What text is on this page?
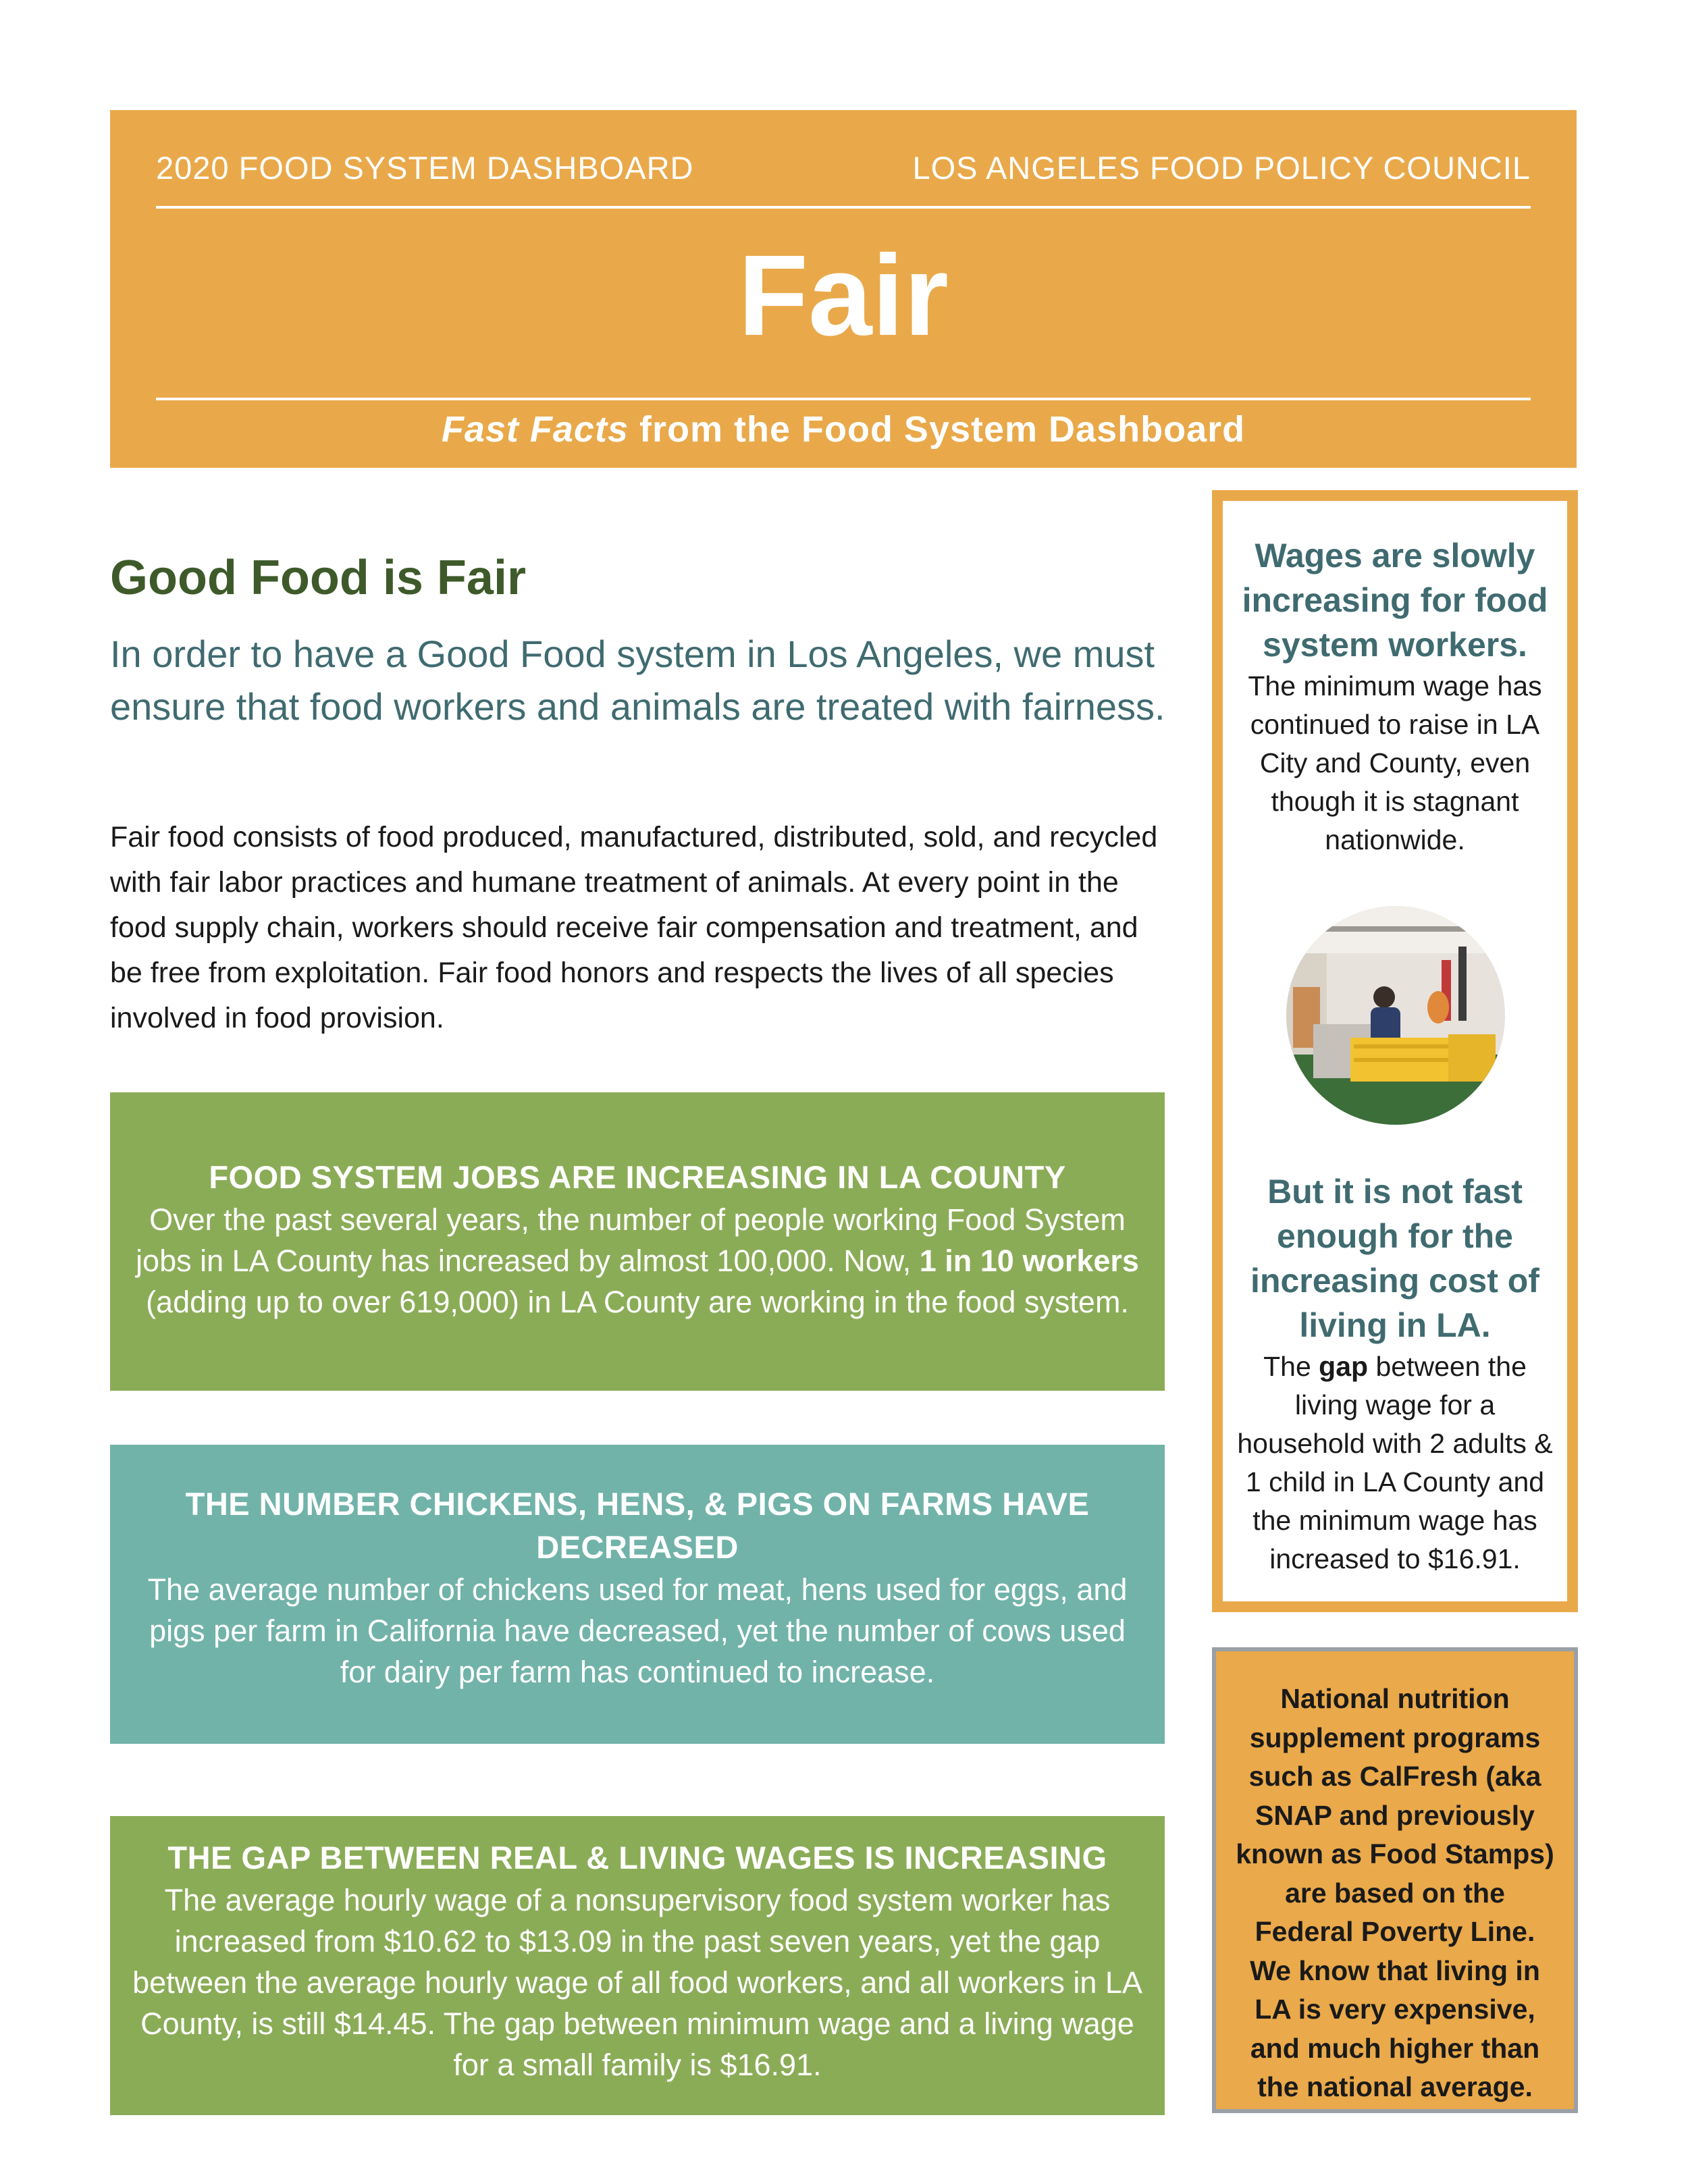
2020 FOOD SYSTEM DASHBOARD	LOS ANGELES FOOD POLICY COUNCIL
Fair
Fast Facts from the Food System Dashboard
Good Food is Fair
In order to have a Good Food system in Los Angeles, we must ensure that food workers and animals are treated with fairness.
Fair food consists of food produced, manufactured, distributed, sold, and recycled with fair labor practices and humane treatment of animals. At every point in the food supply chain, workers should receive fair compensation and treatment, and be free from exploitation. Fair food honors and respects the lives of all species involved in food provision.
FOOD SYSTEM JOBS ARE INCREASING IN LA COUNTY
Over the past several years, the number of people working Food System jobs in LA County has increased by almost 100,000. Now, 1 in 10 workers (adding up to over 619,000) in LA County are working in the food system.
THE NUMBER CHICKENS, HENS, & PIGS ON FARMS HAVE DECREASED
The average number of chickens used for meat, hens used for eggs, and pigs per farm in California have decreased, yet the number of cows used for dairy per farm has continued to increase.
THE GAP BETWEEN REAL & LIVING WAGES IS INCREASING
The average hourly wage of a nonsupervisory food system worker has increased from $10.62 to $13.09 in the past seven years, yet the gap between the average hourly wage of all food workers, and all workers in LA County, is still $14.45. The gap between minimum wage and a living wage for a small family is $16.91.
Wages are slowly increasing for food system workers.
The minimum wage has continued to raise in LA City and County, even though it is stagnant nationwide.
But it is not fast enough for the increasing cost of living in LA.
The gap between the living wage for a household with 2 adults & 1 child in LA County and the minimum wage has increased to $16.91.
National nutrition supplement programs such as CalFresh (aka SNAP and previously known as Food Stamps) are based on the Federal Poverty Line. We know that living in LA is very expensive, and much higher than the national average.
